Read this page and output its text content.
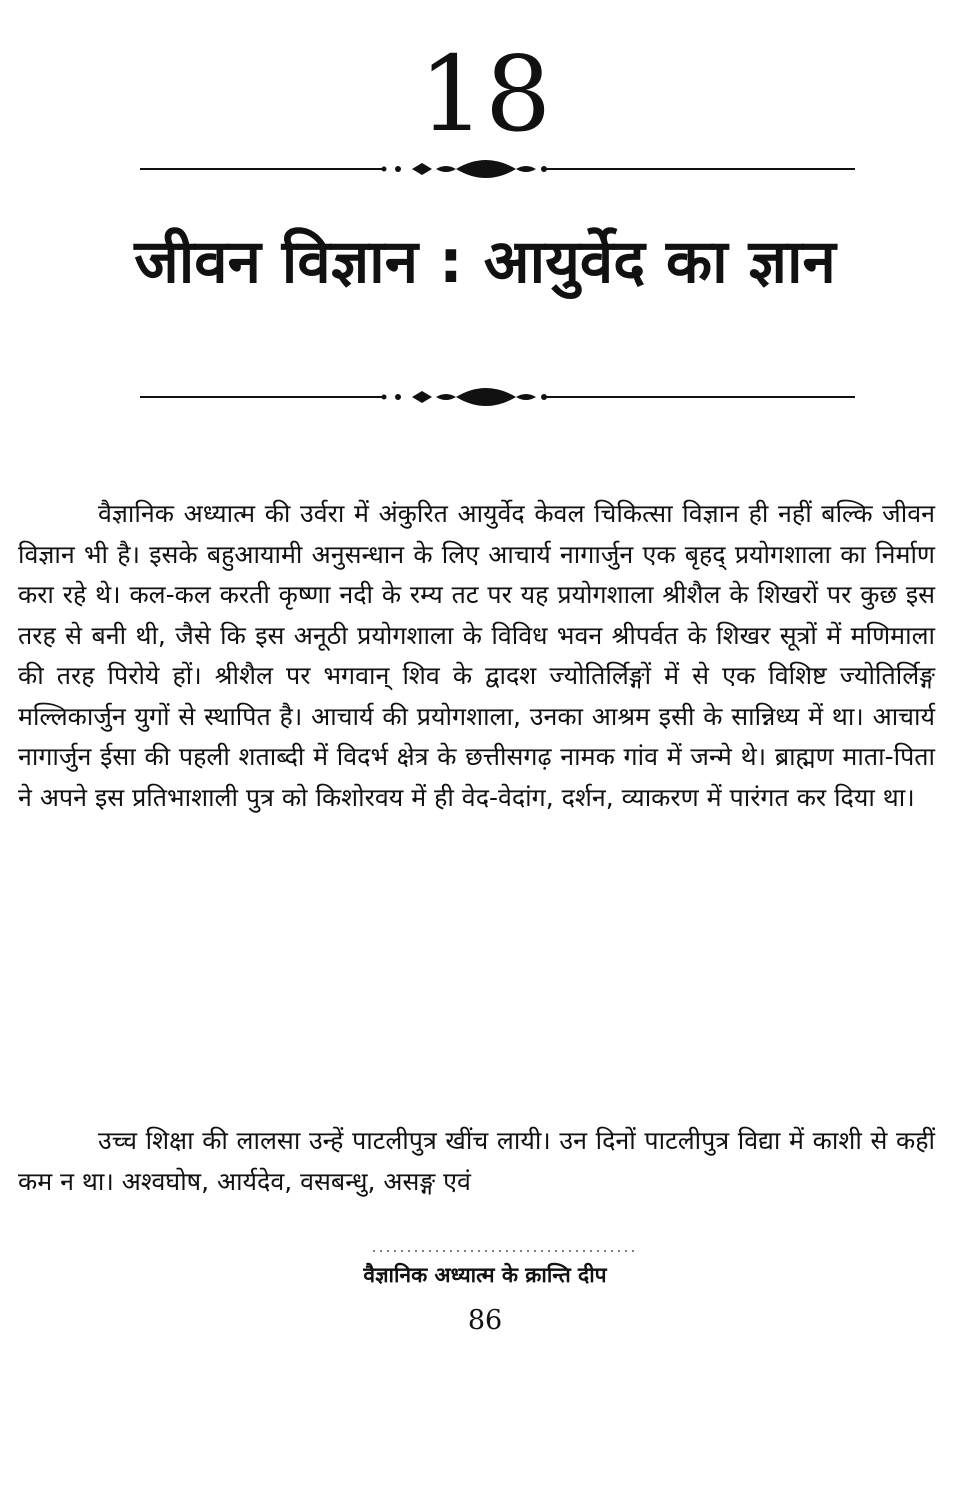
18
जीवन विज्ञान : आयुर्वेद का ज्ञान

वैज्ञानिक अध्यात्म की उर्वरा में अंकुरित आयुर्वेद केवल चिकित्सा विज्ञान ही नहीं बल्कि जीवन विज्ञान भी है। इसके बहुआयामी अनुसन्धान के लिए आचार्य नागार्जुन एक बृहद् प्रयोगशाला का निर्माण करा रहे थे। कल-कल करती कृष्णा नदी के रम्य तट पर यह प्रयोगशाला श्रीशैल के शिखरों पर कुछ इस तरह से बनी थी, जैसे कि इस अनूठी प्रयोगशाला के विविध भवन श्रीपर्वत के शिखर सूत्रों में मणिमाला की तरह पिरोये हों। श्रीशैल पर भगवान् शिव के द्वादश ज्योतिर्लिङ्गों में से एक विशिष्ट ज्योतिर्लिङ्ग मल्लिकार्जुन युगों से स्थापित है। आचार्य की प्रयोगशाला, उनका आश्रम इसी के सान्निध्य में था। आचार्य नागार्जुन ईसा की पहली शताब्दी में विदर्भ क्षेत्र के छत्तीसगढ़ नामक गांव में जन्मे थे। ब्राह्मण माता-पिता ने अपने इस प्रतिभाशाली पुत्र को किशोरवय में ही वेद-वेदांग, दर्शन, व्याकरण में पारंगत कर दिया था।

उच्च शिक्षा की लालसा उन्हें पाटलीपुत्र खींच लायी। उन दिनों पाटलीपुत्र विद्या में काशी से कहीं कम न था। अश्वघोष, आर्यदेव, वसबन्धु, असङ्ग एवं

वैज्ञानिक अध्यात्म के क्रान्ति दीप
86
